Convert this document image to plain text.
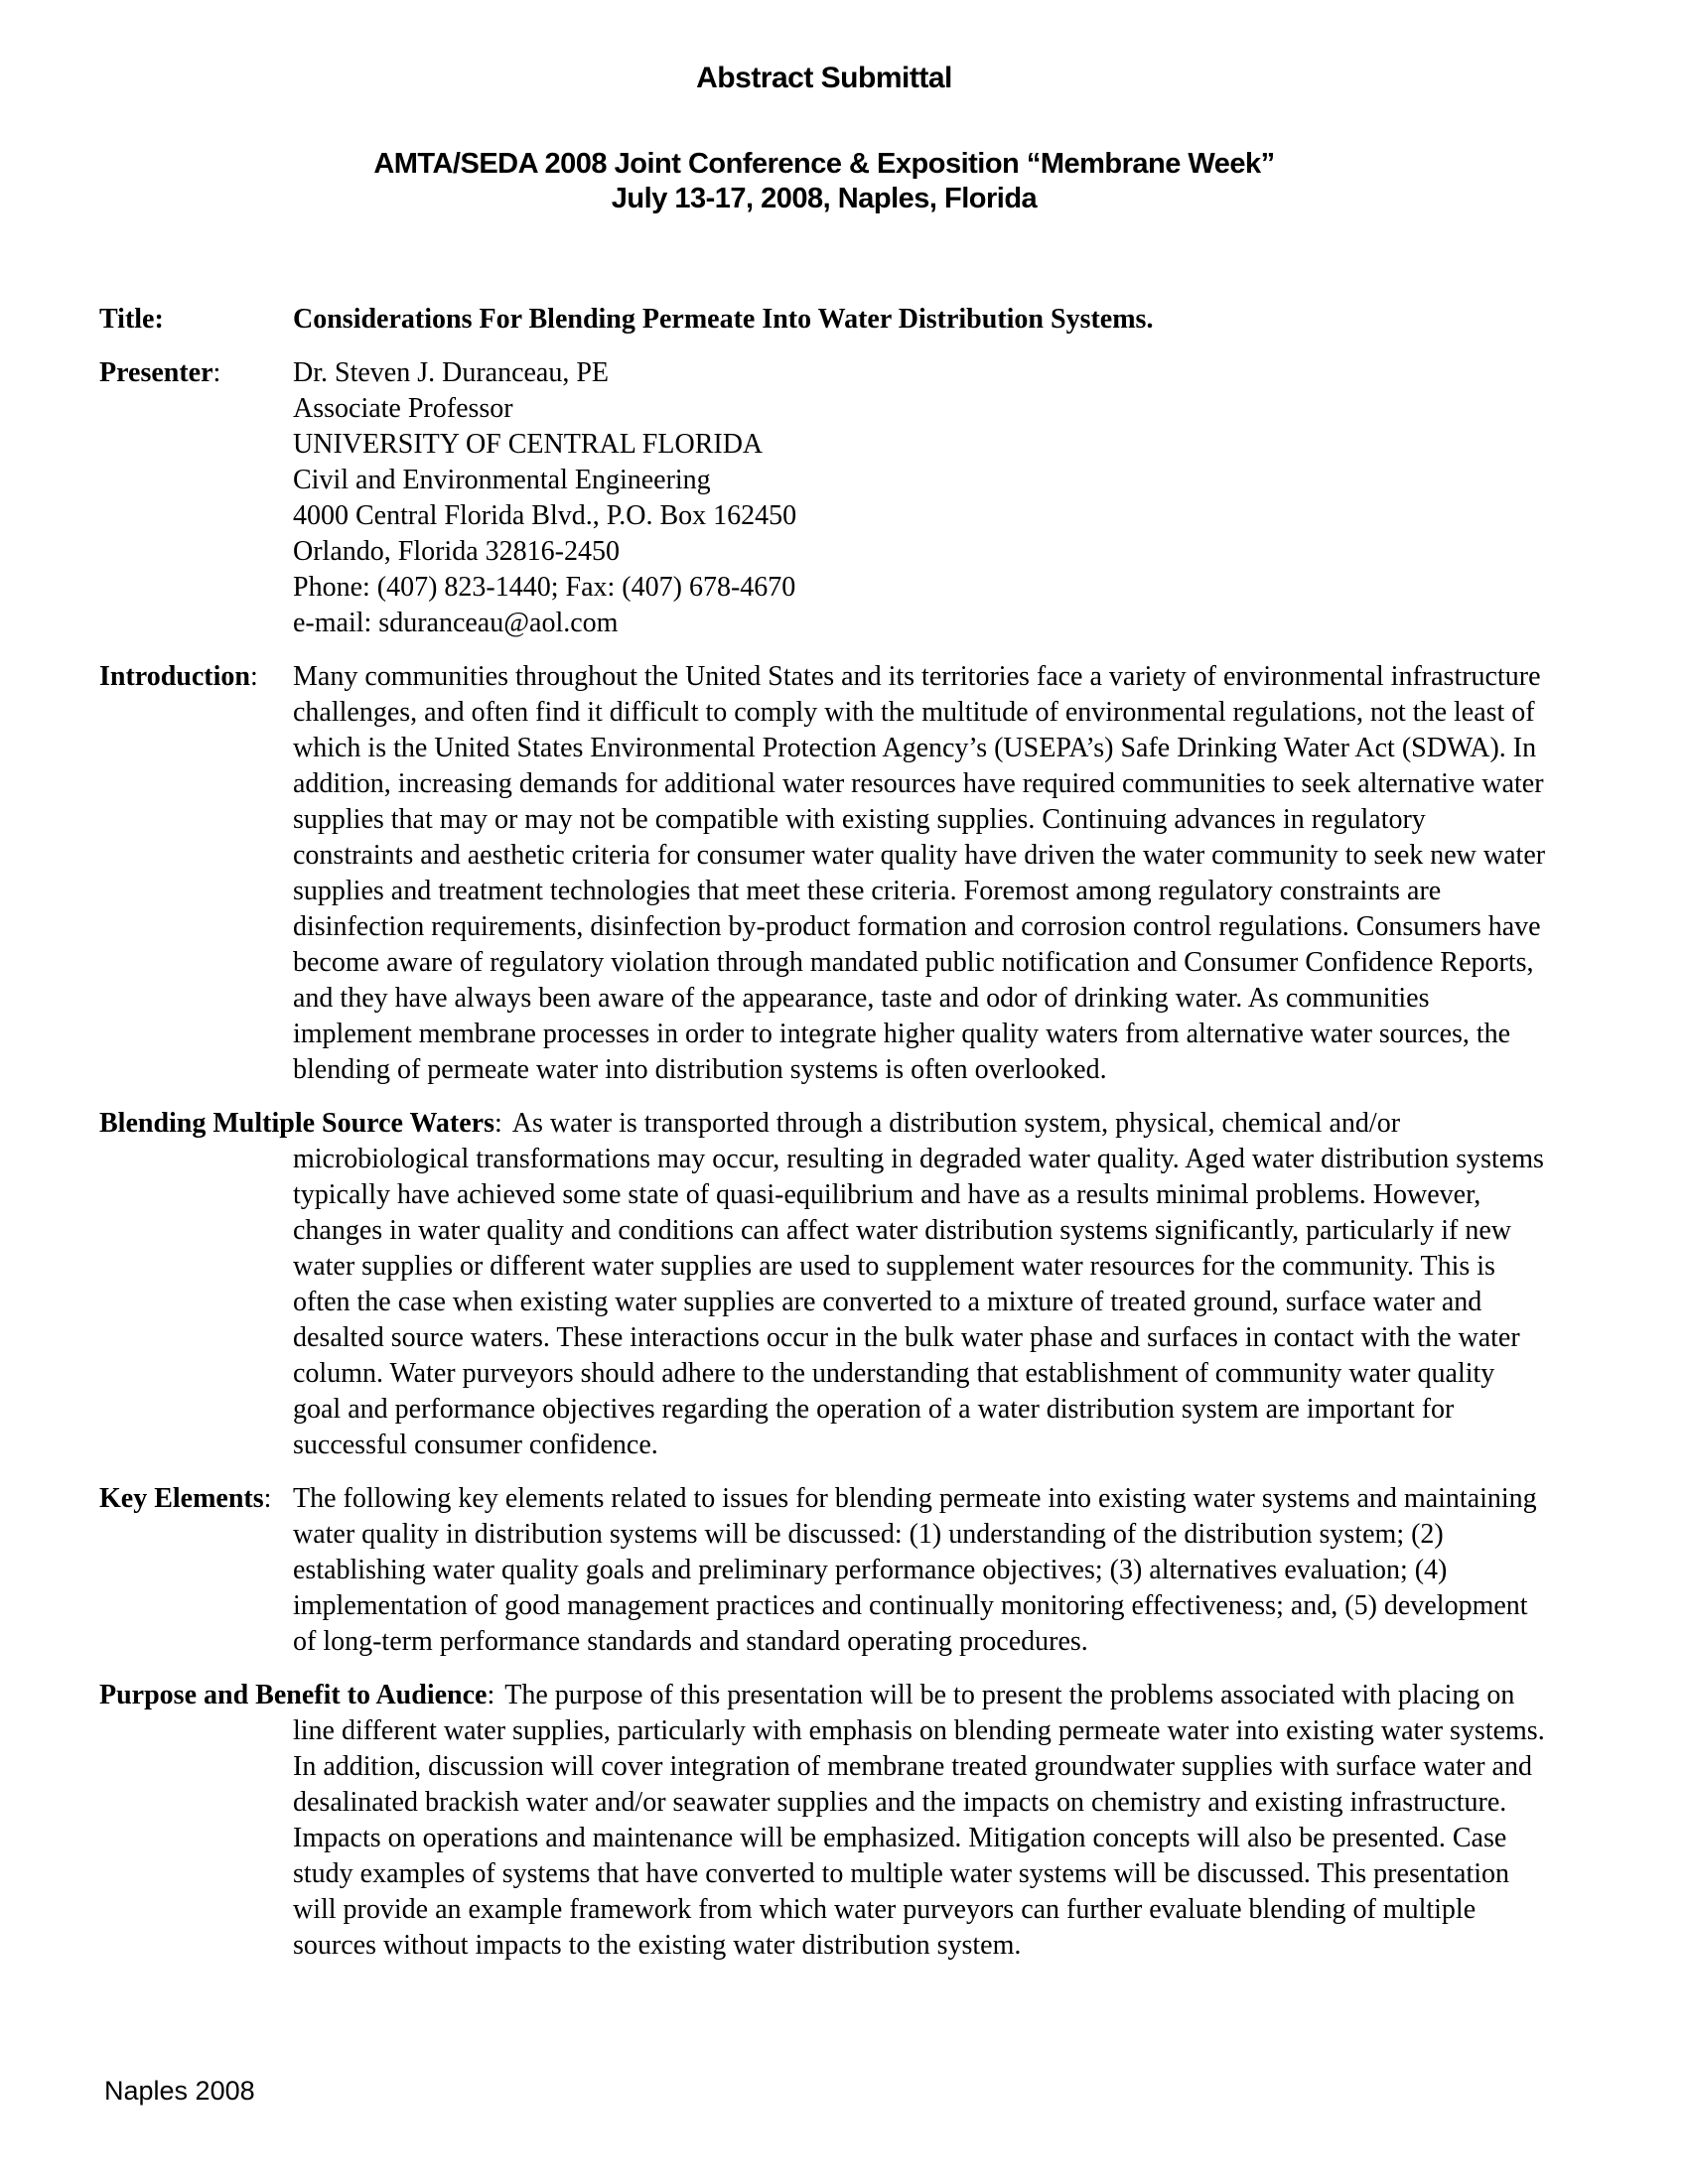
Abstract Submittal
AMTA/SEDA 2008 Joint Conference & Exposition “Membrane Week”
July 13-17, 2008, Naples, Florida
Title:	Considerations For Blending Permeate Into Water Distribution Systems.
Presenter:	Dr. Steven J. Duranceau, PE
Associate Professor
UNIVERSITY OF CENTRAL FLORIDA
Civil and Environmental Engineering
4000 Central Florida Blvd., P.O. Box 162450
Orlando, Florida 32816-2450
Phone: (407) 823-1440; Fax: (407) 678-4670
e-mail: sduranceau@aol.com
Introduction:	Many communities throughout the United States and its territories face a variety of environmental infrastructure challenges, and often find it difficult to comply with the multitude of environmental regulations, not the least of which is the United States Environmental Protection Agency’s (USEPA’s) Safe Drinking Water Act (SDWA). In addition, increasing demands for additional water resources have required communities to seek alternative water supplies that may or may not be compatible with existing supplies. Continuing advances in regulatory constraints and aesthetic criteria for consumer water quality have driven the water community to seek new water supplies and treatment technologies that meet these criteria. Foremost among regulatory constraints are disinfection requirements, disinfection by-product formation and corrosion control regulations. Consumers have become aware of regulatory violation through mandated public notification and Consumer Confidence Reports, and they have always been aware of the appearance, taste and odor of drinking water. As communities implement membrane processes in order to integrate higher quality waters from alternative water sources, the blending of permeate water into distribution systems is often overlooked.
Blending Multiple Source Waters: As water is transported through a distribution system, physical, chemical and/or microbiological transformations may occur, resulting in degraded water quality. Aged water distribution systems typically have achieved some state of quasi-equilibrium and have as a results minimal problems. However, changes in water quality and conditions can affect water distribution systems significantly, particularly if new water supplies or different water supplies are used to supplement water resources for the community. This is often the case when existing water supplies are converted to a mixture of treated ground, surface water and desalted source waters. These interactions occur in the bulk water phase and surfaces in contact with the water column. Water purveyors should adhere to the understanding that establishment of community water quality goal and performance objectives regarding the operation of a water distribution system are important for successful consumer confidence.
Key Elements: The following key elements related to issues for blending permeate into existing water systems and maintaining water quality in distribution systems will be discussed: (1) understanding of the distribution system; (2) establishing water quality goals and preliminary performance objectives; (3) alternatives evaluation; (4) implementation of good management practices and continually monitoring effectiveness; and, (5) development of long-term performance standards and standard operating procedures.
Purpose and Benefit to Audience: The purpose of this presentation will be to present the problems associated with placing on line different water supplies, particularly with emphasis on blending permeate water into existing water systems. In addition, discussion will cover integration of membrane treated groundwater supplies with surface water and desalinated brackish water and/or seawater supplies and the impacts on chemistry and existing infrastructure. Impacts on operations and maintenance will be emphasized. Mitigation concepts will also be presented. Case study examples of systems that have converted to multiple water systems will be discussed. This presentation will provide an example framework from which water purveyors can further evaluate blending of multiple sources without impacts to the existing water distribution system.
Naples 2008
